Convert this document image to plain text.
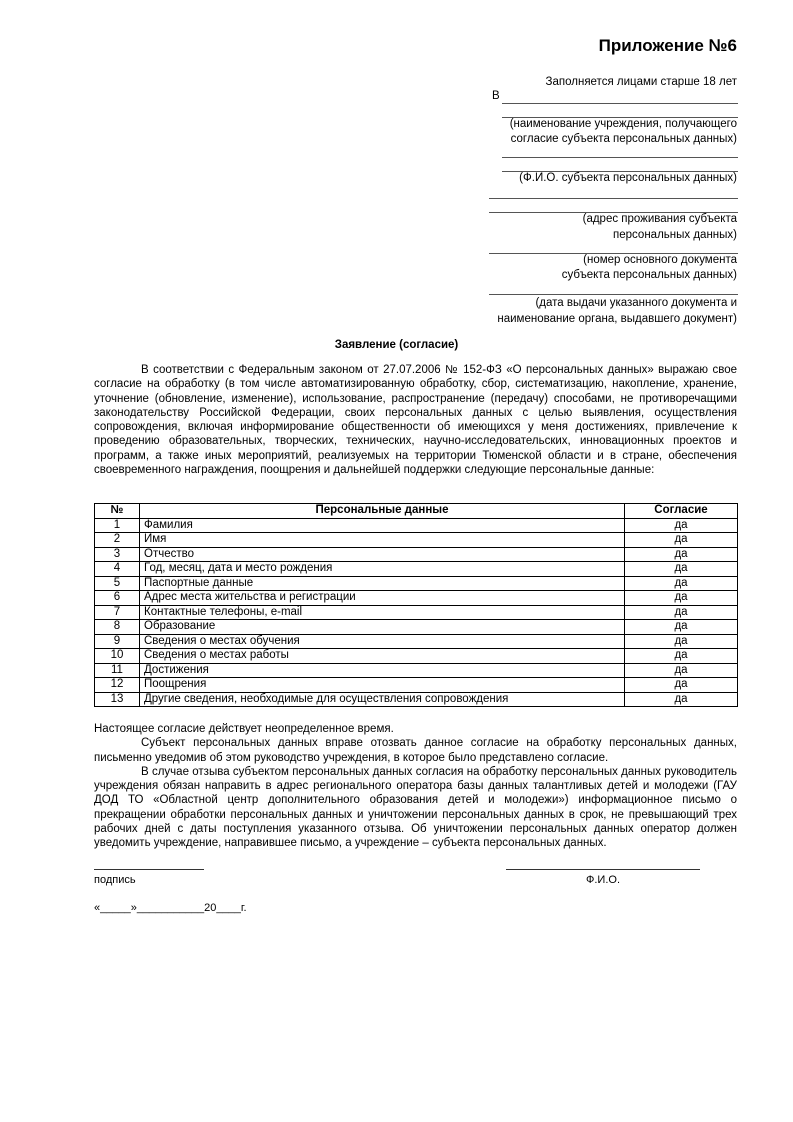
Приложение №6
Заполняется лицами старше 18 лет
В
(наименование учреждения, получающего
согласие субъекта персональных данных)
(Ф.И.О. субъекта персональных данных)
(адрес проживания субъекта
персональных данных)
(номер основного документа
субъекта персональных данных)
(дата выдачи указанного документа и
наименование органа, выдавшего документ)
Заявление (согласие)

В соответствии с Федеральным законом от 27.07.2006 № 152-ФЗ «О персональных данных» выражаю свое согласие на обработку (в том числе автоматизированную обработку, сбор, систематизацию, накопление, хранение, уточнение (обновление, изменение), использование, распространение (передачу) способами, не противоречащими законодательству Российской Федерации, своих персональных данных с целью выявления, осуществления сопровождения, включая информирование общественности об имеющихся у меня достижениях, привлечение к проведению образовательных, творческих, технических, научно-исследовательских, инновационных проектов и программ, а также иных мероприятий, реализуемых на территории Тюменской области и в стране, обеспечения своевременного награждения, поощрения и дальнейшей поддержки следующие персональные данные:

№	Персональные данные	Согласие
1	Фамилия	да
2	Имя	да
3	Отчество	да
4	Год, месяц, дата и место рождения	да
5	Паспортные данные	да
6	Адрес места жительства и регистрации	да
7	Контактные телефоны, e-mail	да
8	Образование	да
9	Сведения о местах обучения	да
10	Сведения о местах работы	да
11	Достижения	да
12	Поощрения	да
13	Другие сведения, необходимые для осуществления сопровождения	да

Настоящее согласие действует неопределенное время.

Субъект персональных данных вправе отозвать данное согласие на обработку персональных данных, письменно уведомив об этом руководство учреждения, в которое было представлено согласие.

В случае отзыва субъектом персональных данных согласия на обработку персональных данных руководитель учреждения обязан направить в адрес регионального оператора базы данных талантливых детей и молодежи (ГАУ ДОД ТО «Областной центр дополнительного образования детей и молодежи») информационное письмо о прекращении обработки персональных данных и уничтожении персональных данных в срок, не превышающий трех рабочих дней с даты поступления указанного отзыва. Об уничтожении персональных данных оператор должен уведомить учреждение, направившее письмо, а учреждение – субъекта персональных данных.

подпись	Ф.И.О.
«_____»___________20____г.
